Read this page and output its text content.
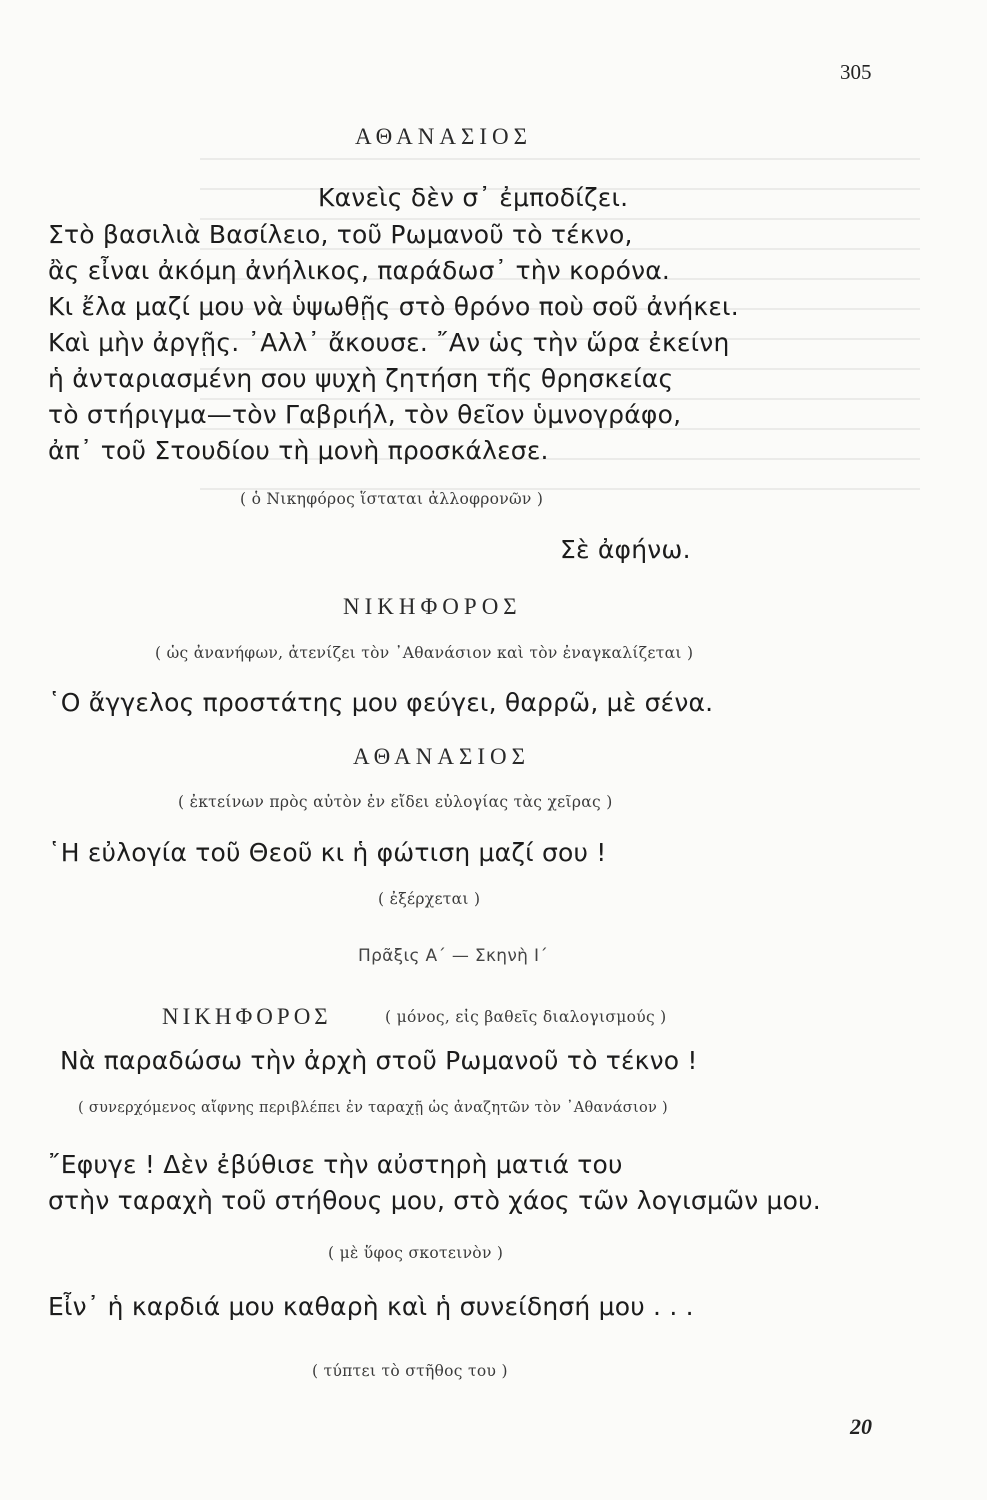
305
ΑΘΑΝΑΣΙΟΣ
Κανεὶς δὲν σ᾽ ἐμποδίζει.
Στὸ βασιλιὰ Βασίλειο, τοῦ Ρωμανοῦ τὸ τέκνο,
ἂς εἶναι ἀκόμη ἀνήλικος, παράδωσ᾽ τὴν κορόνα.
Κι ἔλα μαζί μου νὰ ὑψωθῇς στὸ θρόνο ποὺ σοῦ ἀνήκει.
Καὶ μὴν ἀργῇς. ᾽Αλλ᾽ ἄκουσε. ῎Αν ὡς τὴν ὥρα ἐκείνη
ἡ ἀνταριασμένη σου ψυχὴ ζητήση τῆς θρησκείας
τὸ στήριγμα—τὸν Γαβριήλ, τὸν θεῖον ὑμνογράφο,
ἀπ᾽ τοῦ Στουδίου τὴ μονὴ προσκάλεσε.
( ὁ Νικηφόρος ἵσταται ἀλλοφρονῶν )
Σὲ ἀφήνω.
ΝΙΚΗΦΟΡΟΣ
( ὡς ἀνανήφων, ἀτενίζει τὸν ᾽Αθανάσιον καὶ τὸν ἐναγκαλίζεται )
῾Ο ἄγγελος προστάτης μου φεύγει, θαρρῶ, μὲ σένα.
ΑΘΑΝΑΣΙΟΣ
( ἐκτείνων πρὸς αὐτὸν ἐν εἴδει εὐλογίας τὰς χεῖρας )
῾Η εὐλογία τοῦ Θεοῦ κι ἡ φώτιση μαζί σου !
( ἐξέρχεται )
Πρᾶξις Α΄ — Σκηνὴ Ι΄
ΝΙΚΗΦΟΡΟΣ	( μόνος, εἰς βαθεῖς διαλογισμούς )
Νὰ παραδώσω τὴν ἀρχὴ στοῦ Ρωμανοῦ τὸ τέκνο !
( συνερχόμενος αἴφνης περιβλέπει ἐν ταραχῇ ὡς ἀναζητῶν τὸν ᾽Αθανάσιον )
῎Εφυγε ! Δὲν ἐβύθισε τὴν αὐστηρὴ ματιά του
στὴν ταραχὴ τοῦ στήθους μου, στὸ χάος τῶν λογισμῶν μου.
( μὲ ὕφος σκοτεινὸν )
Εἶν᾽ ἡ καρδιά μου καθαρὴ καὶ ἡ συνείδησή μου . . .
( τύπτει τὸ στῆθος του )
20
